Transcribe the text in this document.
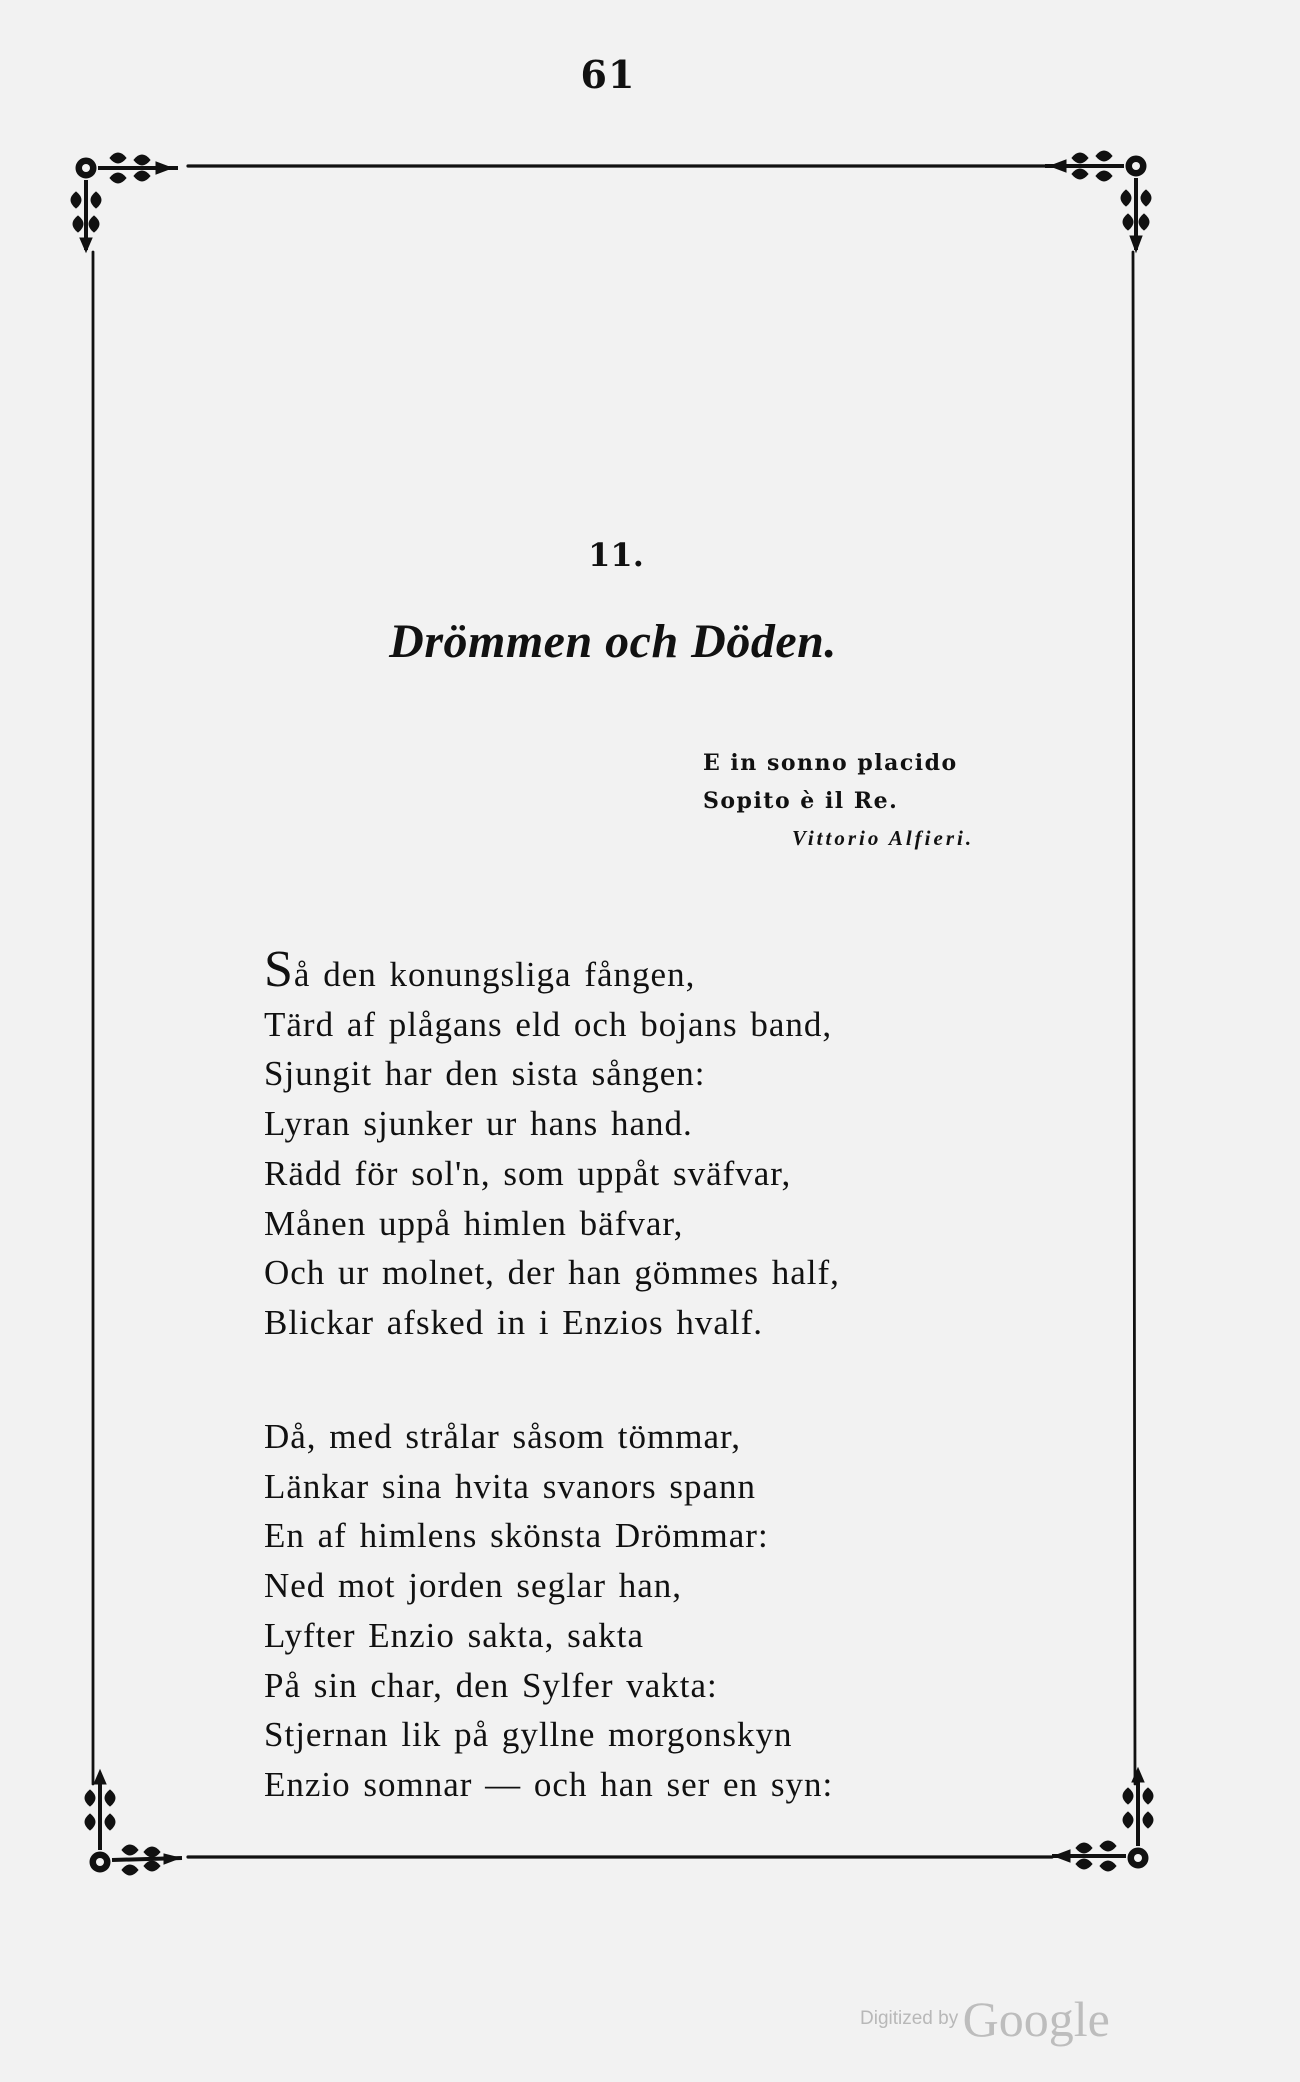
61
11.
Drömmen och Döden.
E in sonno placido
Sopito è il Re.
Vittorio Alfieri.
Så den konungsliga fången,
Tärd af plågans eld och bojans band,
Sjungit har den sista sången:
Lyran sjunker ur hans hand.
Rädd för sol'n, som uppåt sväfvar,
Månen uppå himlen bäfvar,
Och ur molnet, der han gömmes half,
Blickar afsked in i Enzios hvalf.
Då, med strålar såsom tömmar,
Länkar sina hvita svanors spann
En af himlens skönsta Drömmar:
Ned mot jorden seglar han,
Lyfter Enzio sakta, sakta
På sin char, den Sylfer vakta:
Stjernan lik på gyllne morgonskyn
Enzio somnar — och han ser en syn:
Digitized by Google
